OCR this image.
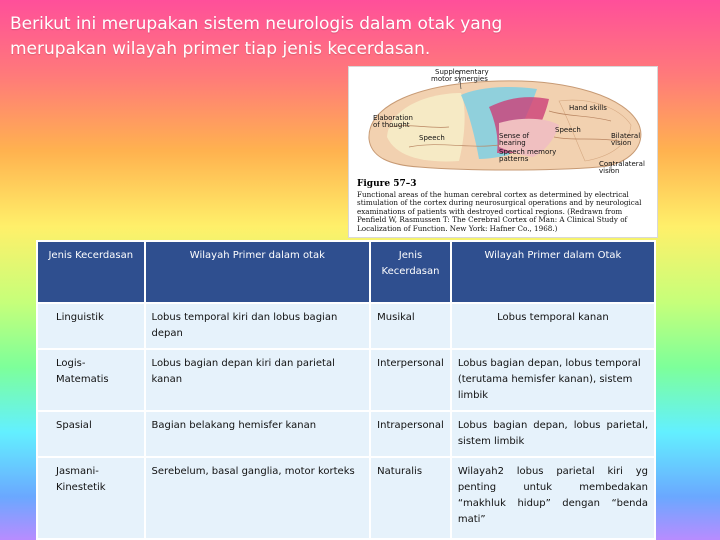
Berikut ini merupakan sistem neurologis dalam otak yang merupakan wilayah primer tiap jenis kecerdasan.
Supplementary
motor synergies
Elaboration
of thought
Hand skills
Speech
Speech
Sense of hearing
Speech memory patterns
Bilateral vision
Contralateral vision
Figure 57–3
Functional areas of the human cerebral cortex as determined by electrical stimulation of the cortex during neurosurgical operations and by neurological examinations of patients with destroyed cortical regions. (Redrawn from Penfield W, Rasmussen T: The Cerebral Cortex of Man: A Clinical Study of Localization of Function. New York: Hafner Co., 1968.)
Jenis Kecerdasan	Wilayah Primer dalam otak	Jenis Kecerdasan	Wilayah Primer dalam Otak
Linguistik	Lobus temporal kiri dan lobus bagian depan	Musikal	Lobus temporal kanan
Logis-Matematis	Lobus bagian depan kiri dan parietal kanan	Interpersonal	Lobus bagian depan, lobus temporal (terutama hemisfer kanan), sistem limbik
Spasial	Bagian belakang hemisfer kanan	Intrapersonal	Lobus bagian depan, lobus parietal, sistem limbik
Jasmani-Kinestetik	Serebelum, basal ganglia, motor korteks	Naturalis	Wilayah2 lobus parietal kiri yg penting untuk membedakan “makhluk hidup” dengan “benda mati”
